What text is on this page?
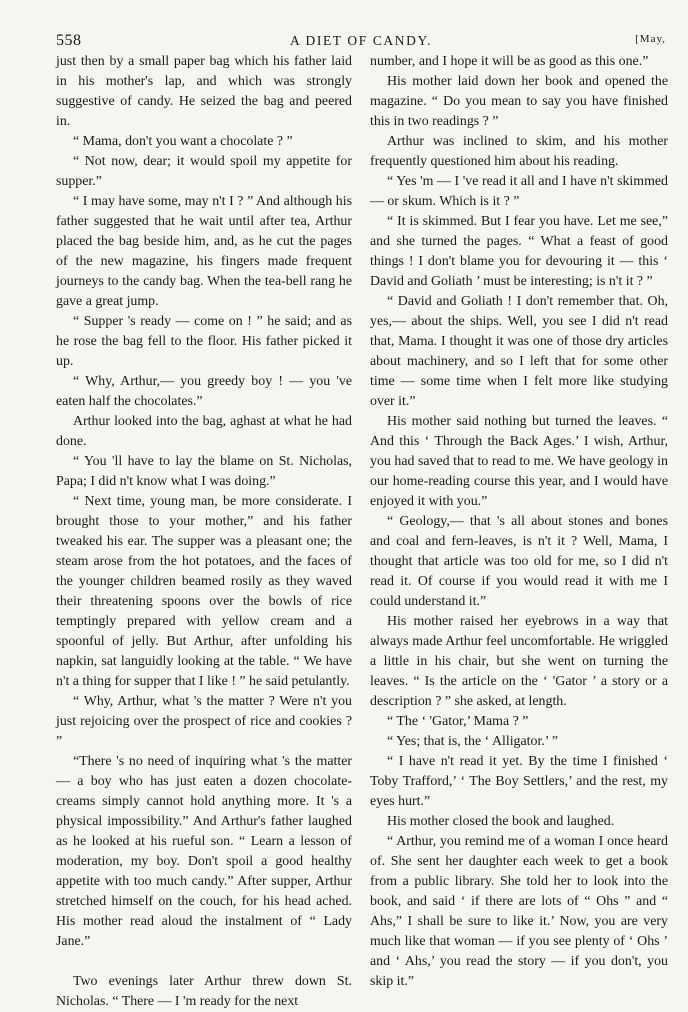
558	A DIET OF CANDY.	[May,

just then by a small paper bag which his father laid in his mother's lap, and which was strongly suggestive of candy. He seized the bag and peered in.

“ Mama, don't you want a chocolate ? ”

“ Not now, dear; it would spoil my appetite for supper.”

“ I may have some, may n't I ? ” And although his father suggested that he wait until after tea, Arthur placed the bag beside him, and, as he cut the pages of the new magazine, his fingers made frequent journeys to the candy bag. When the tea-bell rang he gave a great jump.

“ Supper 's ready — come on ! ” he said; and as he rose the bag fell to the floor. His father picked it up.

“ Why, Arthur,— you greedy boy ! — you 've eaten half the chocolates.”

Arthur looked into the bag, aghast at what he had done.

“ You 'll have to lay the blame on St. Nicholas, Papa; I did n't know what I was doing.”

“ Next time, young man, be more considerate. I brought those to your mother,” and his father tweaked his ear. The supper was a pleasant one; the steam arose from the hot potatoes, and the faces of the younger children beamed rosily as they waved their threatening spoons over the bowls of rice temptingly prepared with yellow cream and a spoonful of jelly. But Arthur, after unfolding his napkin, sat languidly looking at the table. “ We have n't a thing for supper that I like ! ” he said petulantly.

“ Why, Arthur, what 's the matter ? Were n't you just rejoicing over the prospect of rice and cookies ? ”

“There 's no need of inquiring what 's the matter — a boy who has just eaten a dozen chocolate-creams simply cannot hold anything more. It 's a physical impossibility.” And Arthur's father laughed as he looked at his rueful son. “ Learn a lesson of moderation, my boy. Don't spoil a good healthy appetite with too much candy.” After supper, Arthur stretched himself on the couch, for his head ached. His mother read aloud the instalment of “ Lady Jane.”

Two evenings later Arthur threw down St. Nicholas. “ There — I 'm ready for the next

number, and I hope it will be as good as this one.”

His mother laid down her book and opened the magazine. “ Do you mean to say you have finished this in two readings ? ”

Arthur was inclined to skim, and his mother frequently questioned him about his reading.

“ Yes 'm — I 've read it all and I have n't skimmed — or skum. Which is it ? ”

“ It is skimmed. But I fear you have. Let me see,” and she turned the pages. “ What a feast of good things ! I don't blame you for devouring it — this ‘ David and Goliath ’ must be interesting; is n't it ? ”

“ David and Goliath ! I don't remember that. Oh, yes,— about the ships. Well, you see I did n't read that, Mama. I thought it was one of those dry articles about machinery, and so I left that for some other time — some time when I felt more like studying over it.”

His mother said nothing but turned the leaves. “ And this ‘ Through the Back Ages.’ I wish, Arthur, you had saved that to read to me. We have geology in our home-reading course this year, and I would have enjoyed it with you.”

“ Geology,— that 's all about stones and bones and coal and fern-leaves, is n't it ? Well, Mama, I thought that article was too old for me, so I did n't read it. Of course if you would read it with me I could understand it.”

His mother raised her eyebrows in a way that always made Arthur feel uncomfortable. He wriggled a little in his chair, but she went on turning the leaves. “ Is the article on the ‘ 'Gator ’ a story or a description ? ” she asked, at length.

“ The ‘ 'Gator,’ Mama ? ”

“ Yes; that is, the ‘ Alligator.’ ”

“ I have n't read it yet. By the time I finished ‘ Toby Trafford,’ ‘ The Boy Settlers,’ and the rest, my eyes hurt.”

His mother closed the book and laughed.

“ Arthur, you remind me of a woman I once heard of. She sent her daughter each week to get a book from a public library. She told her to look into the book, and said ‘ if there are lots of “ Ohs ” and “ Ahs,” I shall be sure to like it.’ Now, you are very much like that woman — if you see plenty of ‘ Ohs ’ and ‘ Ahs,’ you read the story — if you don't, you skip it.”
